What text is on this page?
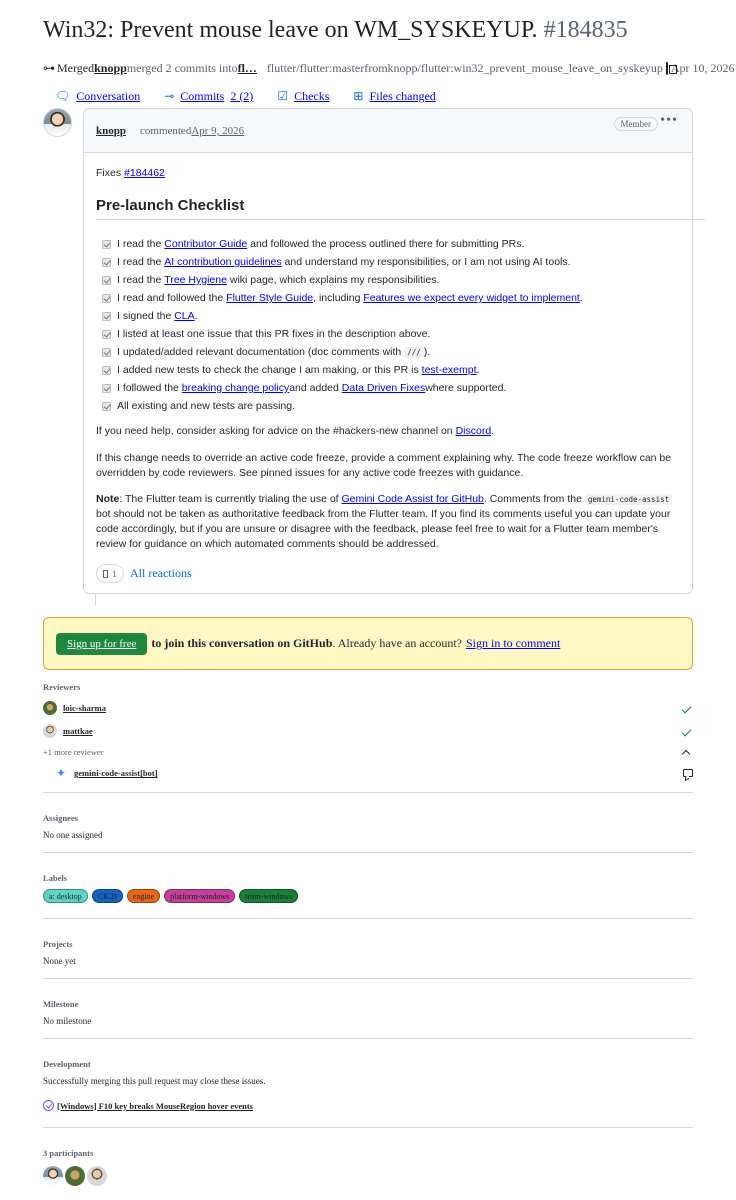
Win32: Prevent mouse leave on WM_SYSKEYUP. #184835
⊶ Merged knopp merged 2 commits into fl… flutter/flutter:masterfromknopp/flutter:win32_prevent_mouse_leave_on_syskeyup Apr 10, 2026
🗨︎ Conversation ⊸ Commits
2 (2) ☑︎ Checks ⊞ Files changed
knopp commentedApr 9, 2026
Member •••
Fixes #184462
Pre-launch Checklist
I read the
Contributor Guide
and followed the process outlined there for submitting PRs.
I read the
AI contribution guidelines
and understand my responsibilities, or I am not using AI tools.
I read the
Tree Hygiene
wiki page, which explains my responsibilities.
I read and followed the
Flutter Style Guide , including
Features we expect every widget to implement .
I signed the
CLA .
I listed at least one issue that this PR fixes in the description above.
I updated/added relevant documentation (doc comments with
/// ).
I added new tests to check the change I am making, or this PR is
test-exempt .
I followed the
breaking change policy and added
Data Driven Fixes where supported.
All existing and new tests are passing.
If you need help, consider asking for advice on the #hackers-new channel on Discord.
If this change needs to override an active code freeze, provide a comment explaining why. The code freeze workflow can be overridden by code reviewers. See pinned issues for any active code freezes with guidance.
Note: The Flutter team is currently trialing the use of Gemini Code Assist for GitHub. Comments from the gemini-code-assist bot should not be taken as authoritative feedback from the Flutter team. If you find its comments useful you can update your code accordingly, but if you are unsure or disagree with the feedback, please feel free to wait for a Flutter team member's review for guidance on which automated comments should be addressed.
1 All reactions
Sign up for free	to join this conversation on GitHub . Already have an account? Sign in to comment
Reviewers
loic-sharma
mattkae
+1 more reviewer
✦ gemini-code-assist[bot]
Assignees
No one assigned
Labels
a: desktop	CICD	engine	platform-windows	team-windows
Projects
None yet
Milestone
No milestone
Development
Successfully merging this pull request may close these issues.
[Windows] F10 key breaks MouseRegion hover events
3 participants
